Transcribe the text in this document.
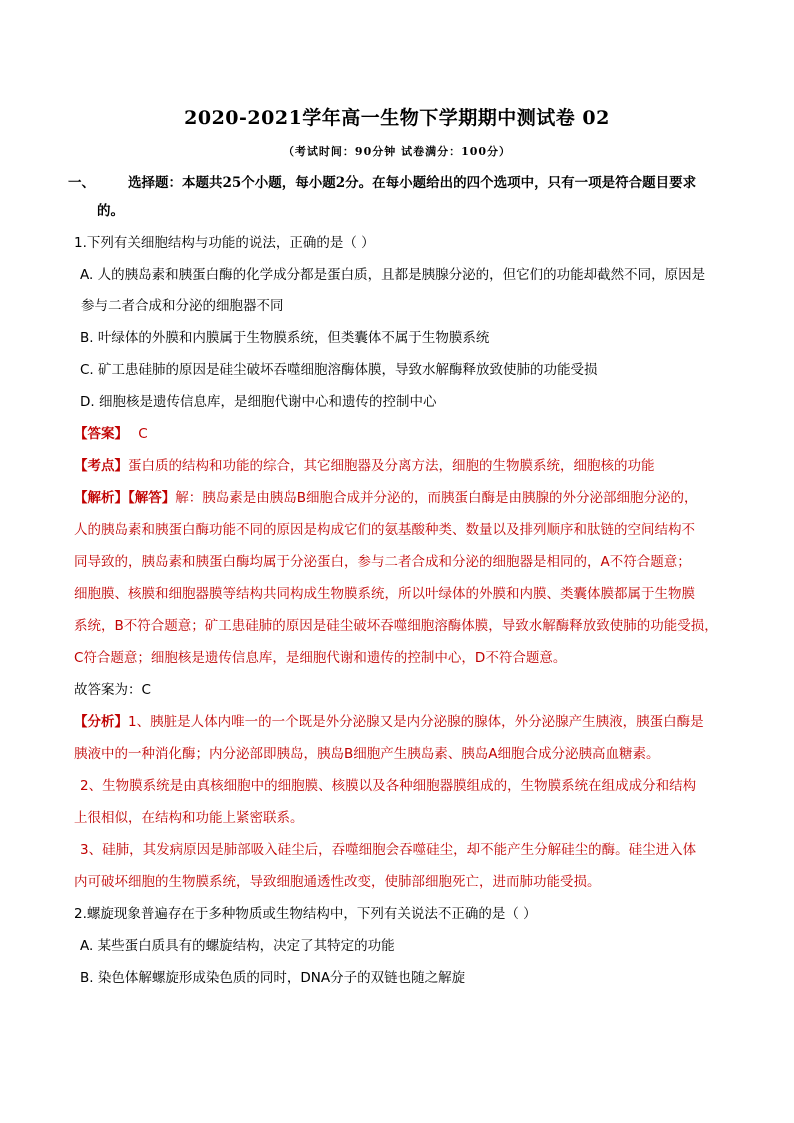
2020-2021学年高一生物下学期期中测试卷 02
（考试时间：90分钟 试卷满分：100分）
一、 选择题：本题共25个小题，每小题2分。在每小题给出的四个选项中，只有一项是符合题目要求
的。
1.下列有关细胞结构与功能的说法，正确的是（ ）
A. 人的胰岛素和胰蛋白酶的化学成分都是蛋白质，且都是胰腺分泌的，但它们的功能却截然不同，原因是
参与二者合成和分泌的细胞器不同
B. 叶绿体的外膜和内膜属于生物膜系统，但类囊体不属于生物膜系统
C. 矿工患硅肺的原因是硅尘破坏吞噬细胞溶酶体膜，导致水解酶释放致使肺的功能受损
D. 细胞核是遗传信息库，是细胞代谢中心和遗传的控制中心
【答案】 C
【考点】蛋白质的结构和功能的综合，其它细胞器及分离方法，细胞的生物膜系统，细胞核的功能
【解析】【解答】解：胰岛素是由胰岛B细胞合成并分泌的，而胰蛋白酶是由胰腺的外分泌部细胞分泌的，
人的胰岛素和胰蛋白酶功能不同的原因是构成它们的氨基酸种类、数量以及排列顺序和肽链的空间结构不
同导致的，胰岛素和胰蛋白酶均属于分泌蛋白，参与二者合成和分泌的细胞器是相同的，A不符合题意；
细胞膜、核膜和细胞器膜等结构共同构成生物膜系统，所以叶绿体的外膜和内膜、类囊体膜都属于生物膜
系统，B不符合题意；矿工患硅肺的原因是硅尘破坏吞噬细胞溶酶体膜，导致水解酶释放致使肺的功能受损，
C符合题意；细胞核是遗传信息库，是细胞代谢和遗传的控制中心，D不符合题意。
故答案为：C
【分析】1、胰脏是人体内唯一的一个既是外分泌腺又是内分泌腺的腺体，外分泌腺产生胰液，胰蛋白酶是
胰液中的一种消化酶；内分泌部即胰岛，胰岛B细胞产生胰岛素、胰岛A细胞合成分泌胰高血糖素。
2、生物膜系统是由真核细胞中的细胞膜、核膜以及各种细胞器膜组成的，生物膜系统在组成成分和结构
上很相似，在结构和功能上紧密联系。
3、硅肺，其发病原因是肺部吸入硅尘后，吞噬细胞会吞噬硅尘，却不能产生分解硅尘的酶。硅尘进入体
内可破坏细胞的生物膜系统，导致细胞通透性改变，使肺部细胞死亡，进而肺功能受损。
2.螺旋现象普遍存在于多种物质或生物结构中，下列有关说法不正确的是（ ）
A. 某些蛋白质具有的螺旋结构，决定了其特定的功能
B. 染色体解螺旋形成染色质的同时，DNA分子的双链也随之解旋
